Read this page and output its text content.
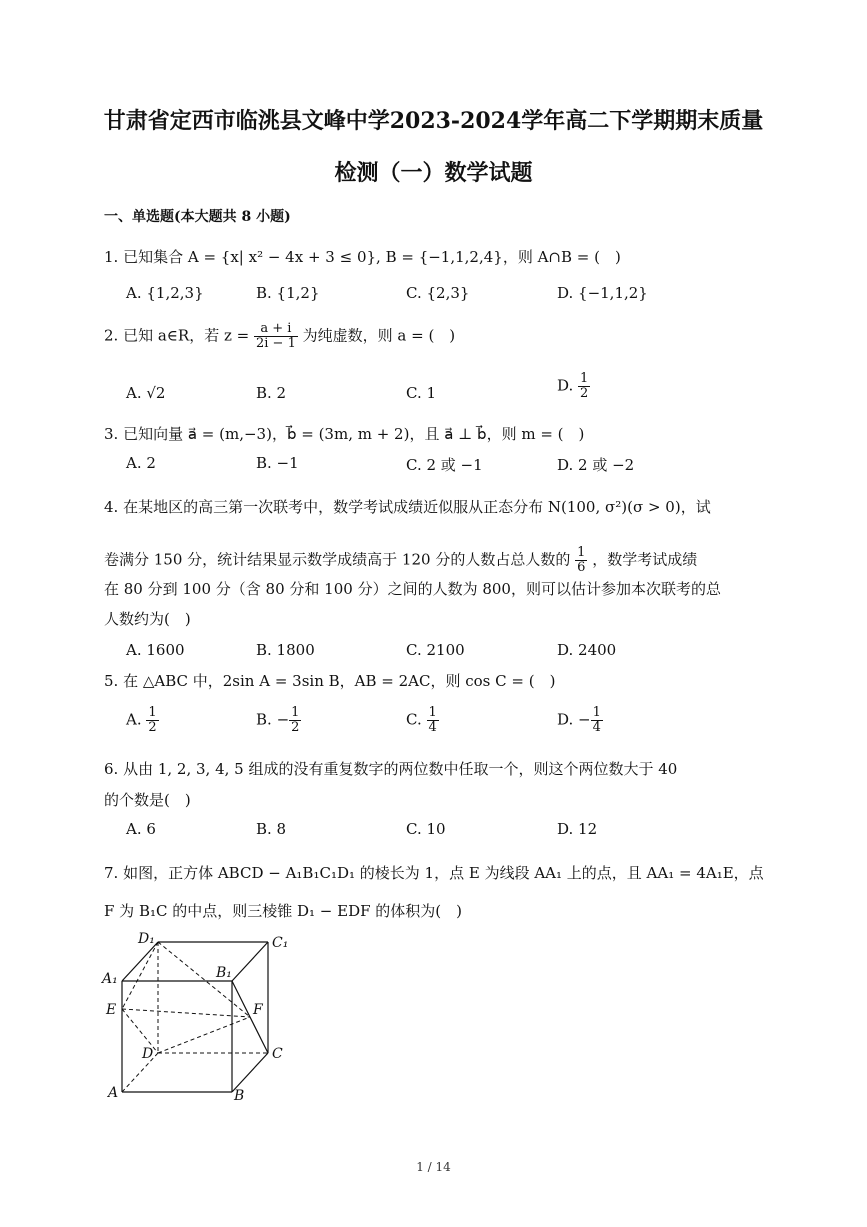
甘肃省定西市临洮县文峰中学2023-2024学年高二下学期期末质量
检测（一）数学试题
一、单选题(本大题共 8 小题)
1. 已知集合 A = {x| x² − 4x + 3 ≤ 0}, B = {−1,1,2,4}，则 A∩B = (　)
A. {1,2,3}	B. {1,2}	C. {2,3}	D. {−1,1,2}
2. 已知 a∈R，若 $z = \frac{a + i}{2i - 1}$ 为纯虚数，则 a = (　)
A. √2	B. 2	C. 1	D. $\frac{1}{2}$
3. 已知向量 a⃗ = (m,−3)，b⃗ = (3m, m + 2)，且 a⃗ ⊥ b⃗，则 m = (　)
A. 2	B. −1	C. 2 或 −1	D. 2 或 −2
4. 在某地区的高三第一次联考中，数学考试成绩近似服从正态分布 N(100, σ²)(σ > 0)，试
卷满分 150 分，统计结果显示数学成绩高于 120 分的人数占总人数的 $\frac{1}{6}$ ，数学考试成绩
在 80 分到 100 分（含 80 分和 100 分）之间的人数为 800，则可以估计参加本次联考的总
人数约为(　)
A. 1600	B. 1800	C. 2100	D. 2400
5. 在 △ABC 中，2sin A = 3sin B，AB = 2AC，则 cos C = (　)
A. $\frac{1}{2}$	B. − $\frac{1}{2}$	C. $\frac{1}{4}$	D. − $\frac{1}{4}$
6. 从由 1, 2, 3, 4, 5 组成的没有重复数字的两位数中任取一个，则这个两位数大于 40
的个数是(　)
A. 6	B. 8	C. 10	D. 12
7. 如图，正方体 ABCD − A₁B₁C₁D₁ 的棱长为 1，点 E 为线段 AA₁ 上的点，且 AA₁ = 4A₁E，点
F 为 B₁C 的中点，则三棱锥 D₁ − EDF 的体积为(　)
D₁	C₁
A₁	B₁
E	F
D	C
A	B
1 / 14
